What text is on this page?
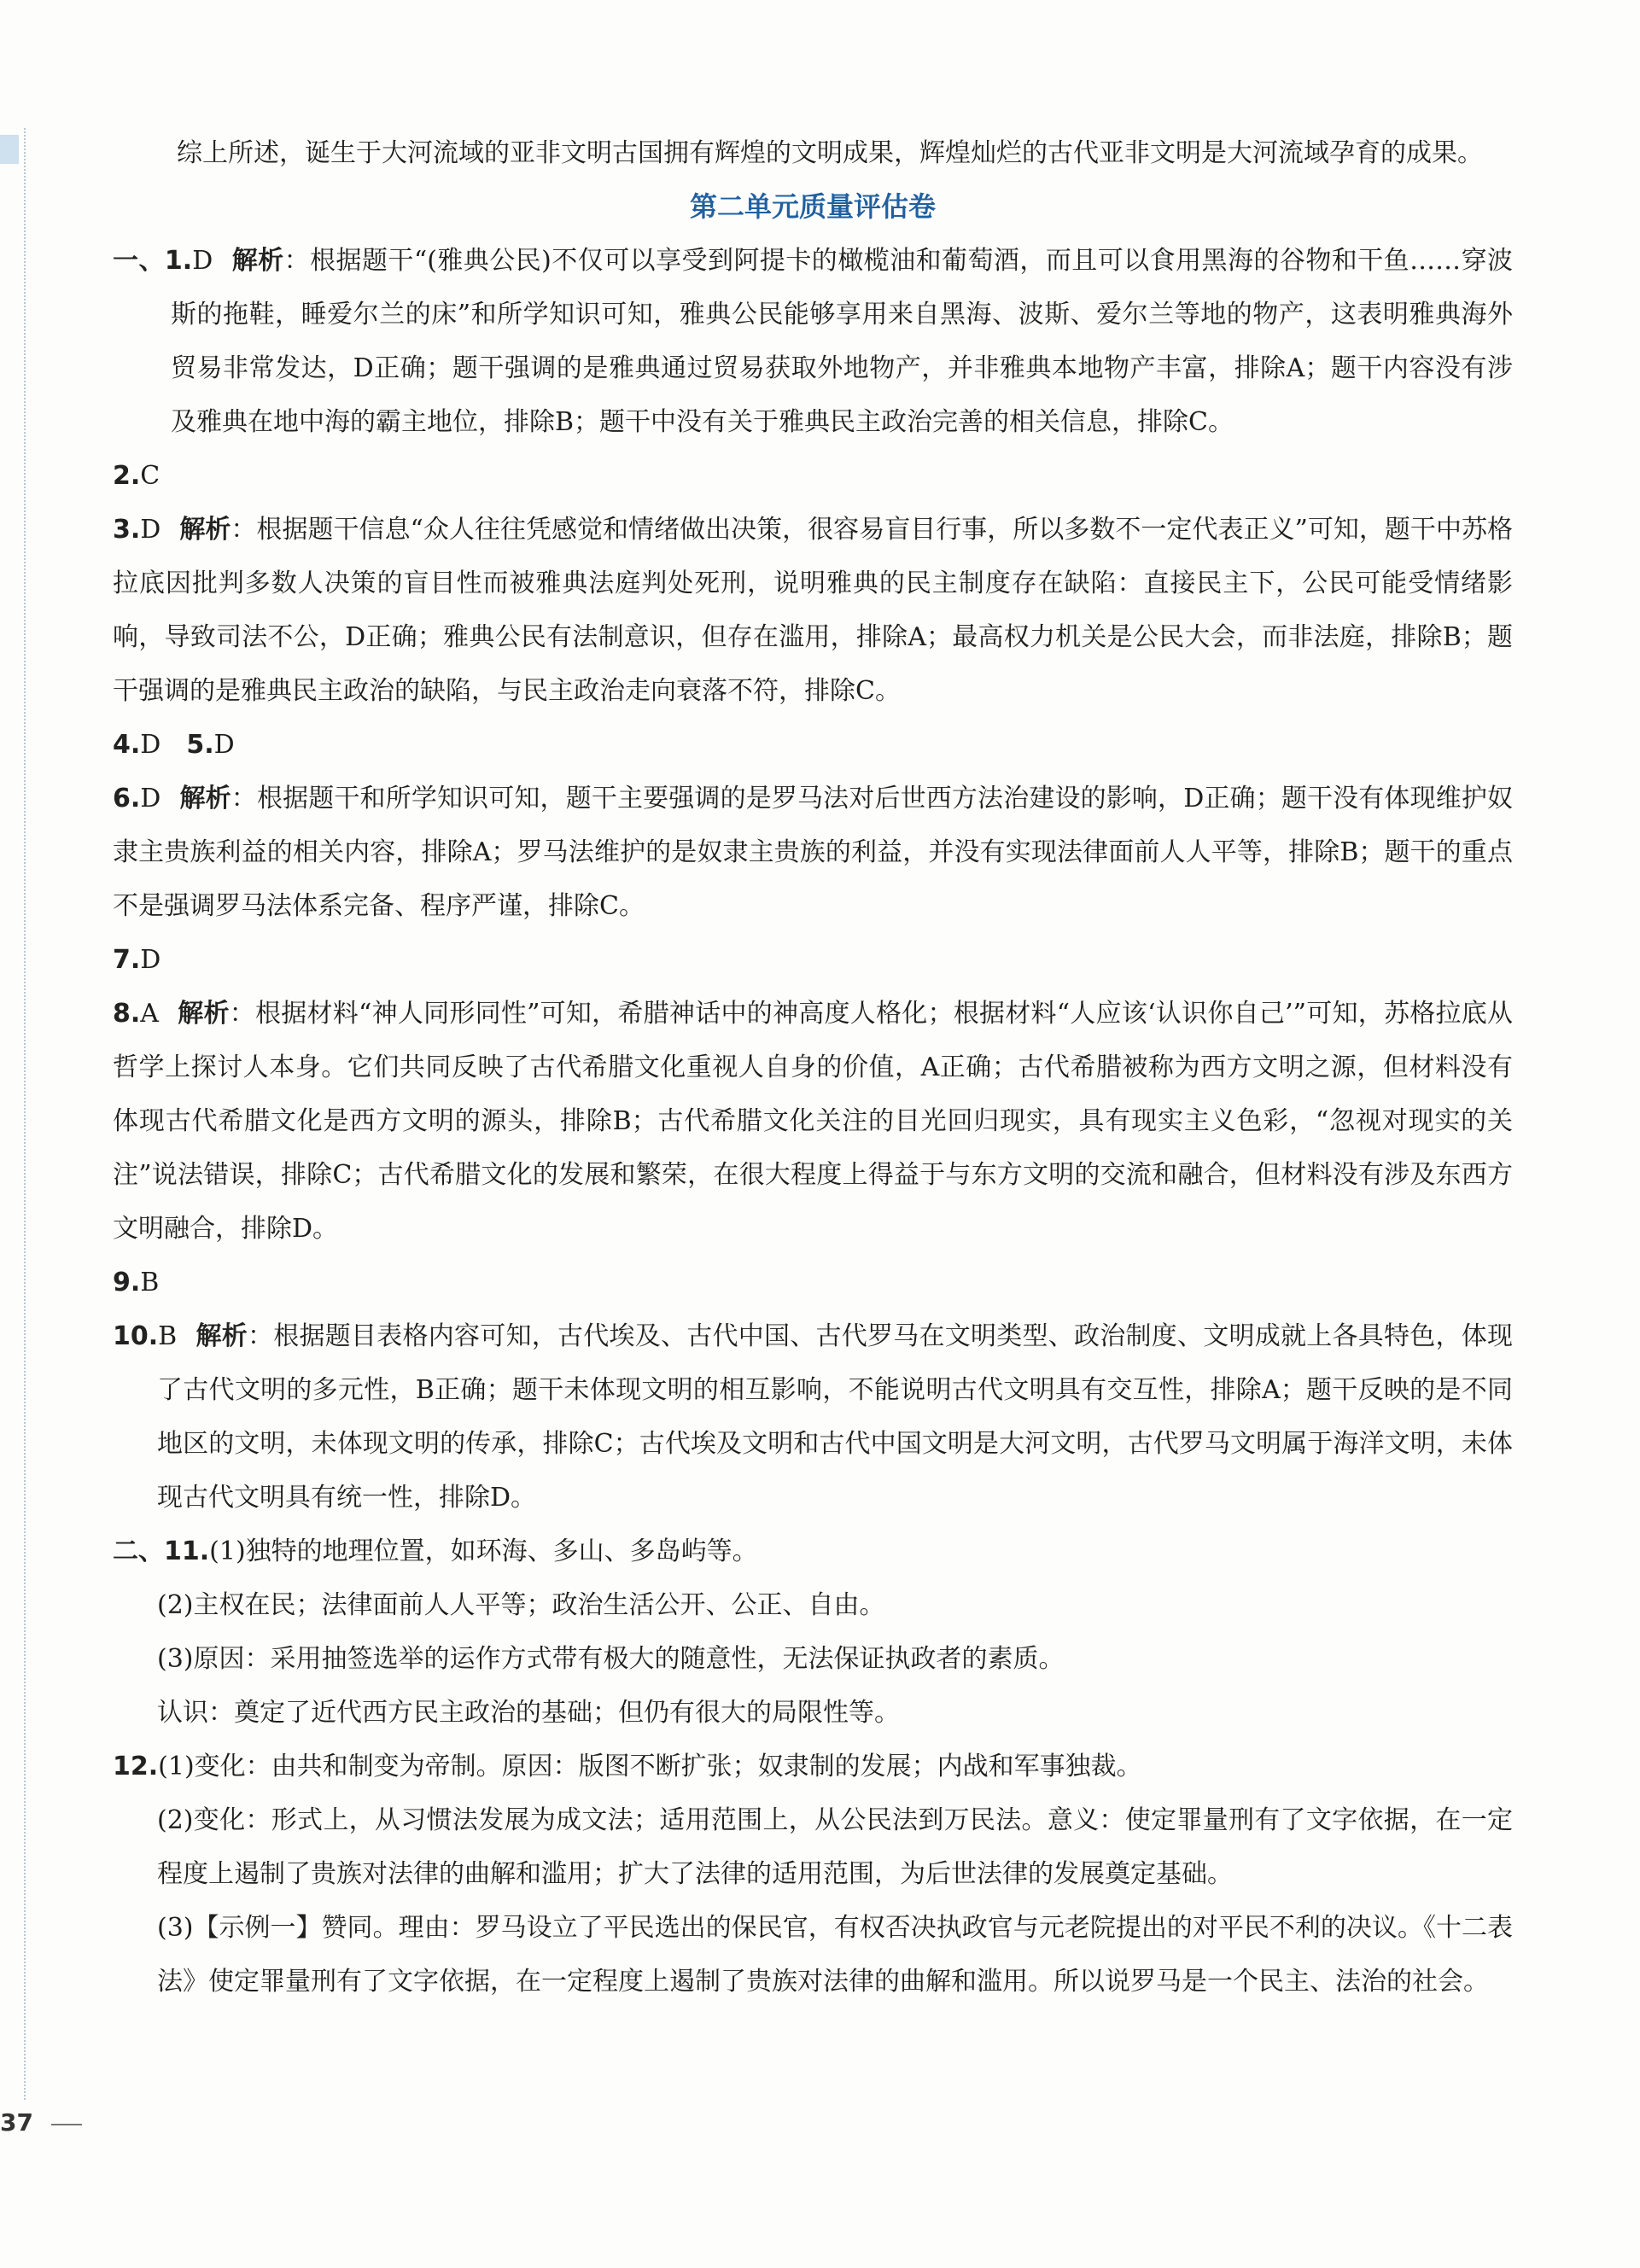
综上所述，诞生于大河流域的亚非文明古国拥有辉煌的文明成果，辉煌灿烂的古代亚非文明是大河流域孕育的成果。

第二单元质量评估卷

一、1.D 解析：根据题干“(雅典公民)不仅可以享受到阿提卡的橄榄油和葡萄酒，而且可以食用黑海的谷物和干鱼……穿波斯的拖鞋，睡爱尔兰的床”和所学知识可知，雅典公民能够享用来自黑海、波斯、爱尔兰等地的物产，这表明雅典海外贸易非常发达，D正确；题干强调的是雅典通过贸易获取外地物产，并非雅典本地物产丰富，排除A；题干内容没有涉及雅典在地中海的霸主地位，排除B；题干中没有关于雅典民主政治完善的相关信息，排除C。

2.C

3.D 解析：根据题干信息“众人往往凭感觉和情绪做出决策，很容易盲目行事，所以多数不一定代表正义”可知，题干中苏格拉底因批判多数人决策的盲目性而被雅典法庭判处死刑，说明雅典的民主制度存在缺陷：直接民主下，公民可能受情绪影响，导致司法不公，D正确；雅典公民有法制意识，但存在滥用，排除A；最高权力机关是公民大会，而非法庭，排除B；题干强调的是雅典民主政治的缺陷，与民主政治走向衰落不符，排除C。

4.D 5.D

6.D 解析：根据题干和所学知识可知，题干主要强调的是罗马法对后世西方法治建设的影响，D正确；题干没有体现维护奴隶主贵族利益的相关内容，排除A；罗马法维护的是奴隶主贵族的利益，并没有实现法律面前人人平等，排除B；题干的重点不是强调罗马法体系完备、程序严谨，排除C。

7.D

8.A 解析：根据材料“神人同形同性”可知，希腊神话中的神高度人格化；根据材料“人应该‘认识你自己’”可知，苏格拉底从哲学上探讨人本身。它们共同反映了古代希腊文化重视人自身的价值，A正确；古代希腊被称为西方文明之源，但材料没有体现古代希腊文化是西方文明的源头，排除B；古代希腊文化关注的目光回归现实，具有现实主义色彩，“忽视对现实的关注”说法错误，排除C；古代希腊文化的发展和繁荣，在很大程度上得益于与东方文明的交流和融合，但材料没有涉及东西方文明融合，排除D。

9.B

10.B 解析：根据题目表格内容可知，古代埃及、古代中国、古代罗马在文明类型、政治制度、文明成就上各具特色，体现了古代文明的多元性，B正确；题干未体现文明的相互影响，不能说明古代文明具有交互性，排除A；题干反映的是不同地区的文明，未体现文明的传承，排除C；古代埃及文明和古代中国文明是大河文明，古代罗马文明属于海洋文明，未体现古代文明具有统一性，排除D。

二、11.(1)独特的地理位置，如环海、多山、多岛屿等。

(2)主权在民；法律面前人人平等；政治生活公开、公正、自由。

(3)原因：采用抽签选举的运作方式带有极大的随意性，无法保证执政者的素质。

认识：奠定了近代西方民主政治的基础；但仍有很大的局限性等。

12.(1)变化：由共和制变为帝制。原因：版图不断扩张；奴隶制的发展；内战和军事独裁。

(2)变化：形式上，从习惯法发展为成文法；适用范围上，从公民法到万民法。意义：使定罪量刑有了文字依据，在一定程度上遏制了贵族对法律的曲解和滥用；扩大了法律的适用范围，为后世法律的发展奠定基础。

(3)【示例一】赞同。理由：罗马设立了平民选出的保民官，有权否决执政官与元老院提出的对平民不利的决议。《十二表法》使定罪量刑有了文字依据，在一定程度上遏制了贵族对法律的曲解和滥用。所以说罗马是一个民主、法治的社会。

37
